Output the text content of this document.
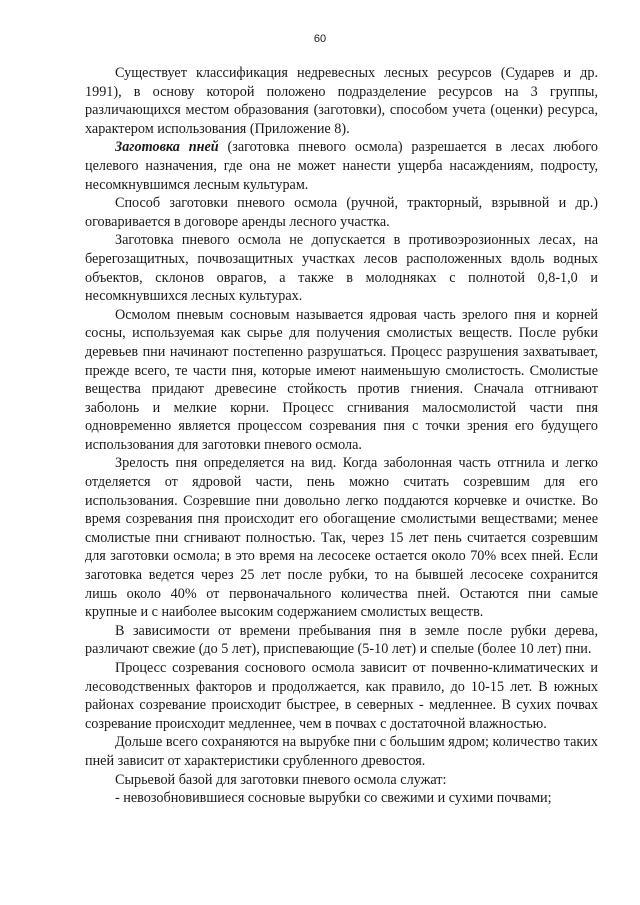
60

Существует классификация недревесных лесных ресурсов (Сударев и др. 1991), в основу которой положено подразделение ресурсов на 3 группы, различающихся местом образования (заготовки), способом учета (оценки) ресурса, характером использования (Приложение 8).

Заготовка пней (заготовка пневого осмола) разрешается в лесах любого целевого назначения, где она не может нанести ущерба насаждениям, подросту, несомкнувшимся лесным культурам.

Способ заготовки пневого осмола (ручной, тракторный, взрывной и др.) оговаривается в договоре аренды лесного участка.

Заготовка пневого осмола не допускается в противоэрозионных лесах, на берегозащитных, почвозащитных участках лесов расположенных вдоль водных объектов, склонов оврагов, а также в молодняках с полнотой 0,8-1,0 и несомкнувшихся лесных культурах.

Осмолом пневым сосновым называется ядровая часть зрелого пня и корней сосны, используемая как сырье для получения смолистых веществ. После рубки деревьев пни начинают постепенно разрушаться. Процесс разрушения захватывает, прежде всего, те части пня, которые имеют наименьшую смолистость. Смолистые вещества придают древесине стойкость против гниения. Сначала отгнивают заболонь и мелкие корни. Процесс сгнивания малосмолистой части пня одновременно является процессом созревания пня с точки зрения его будущего использования для заготовки пневого осмола.

Зрелость пня определяется на вид. Когда заболонная часть отгнила и легко отделяется от ядровой части, пень можно считать созревшим для его использования. Созревшие пни довольно легко поддаются корчевке и очистке. Во время созревания пня происходит его обогащение смолистыми веществами; менее смолистые пни сгнивают полностью. Так, через 15 лет пень считается созревшим для заготовки осмола; в это время на лесосеке остается около 70% всех пней. Если заготовка ведется через 25 лет после рубки, то на бывшей лесосеке сохранится лишь около 40% от первоначального количества пней. Остаются пни самые крупные и с наиболее высоким содержанием смолистых веществ.

В зависимости от времени пребывания пня в земле после рубки дерева, различают свежие (до 5 лет), приспевающие (5-10 лет) и спелые (более 10 лет) пни.

Процесс созревания соснового осмола зависит от почвенно-климатических и лесоводственных факторов и продолжается, как правило, до 10-15 лет. В южных районах созревание происходит быстрее, в северных - медленнее. В сухих почвах созревание происходит медленнее, чем в почвах с достаточной влажностью.

Дольше всего сохраняются на вырубке пни с большим ядром; количество таких пней зависит от характеристики срубленного древостоя.

Сырьевой базой для заготовки пневого осмола служат:

- невозобновившиеся сосновые вырубки со свежими и сухими почвами;
